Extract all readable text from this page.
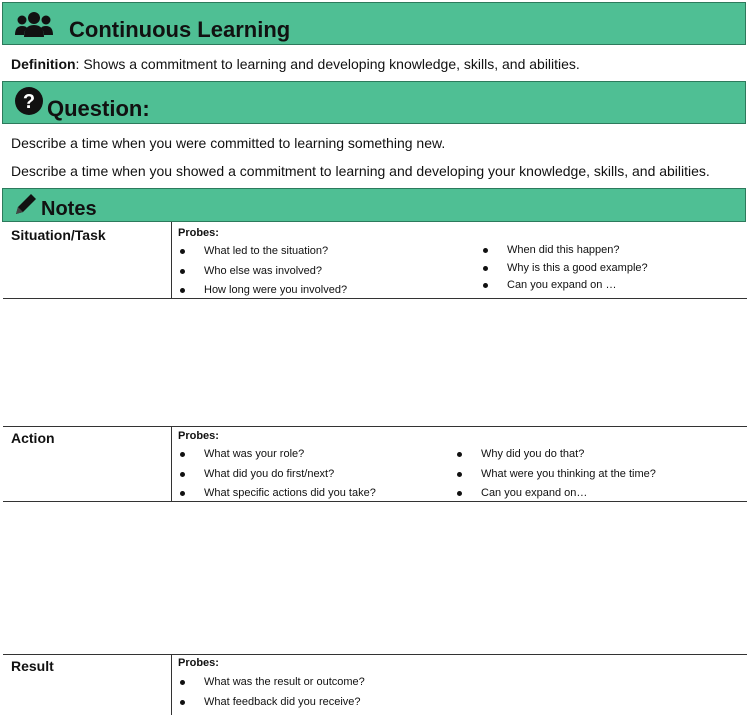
Continuous Learning
Definition: Shows a commitment to learning and developing knowledge, skills, and abilities.
? Question:
Describe a time when you were committed to learning something new.
Describe a time when you showed a commitment to learning and developing your knowledge, skills, and abilities.
Notes
Situation/Task	Probes:
What led to the situation?
Who else was involved?
How long were you involved?
When did this happen?
Why is this a good example?
Can you expand on …
Action	Probes:
What was your role?
What did you do first/next?
What specific actions did you take?
Why did you do that?
What were you thinking at the time?
Can you expand on…
Result	Probes:
What was the result or outcome?
What feedback did you receive?
